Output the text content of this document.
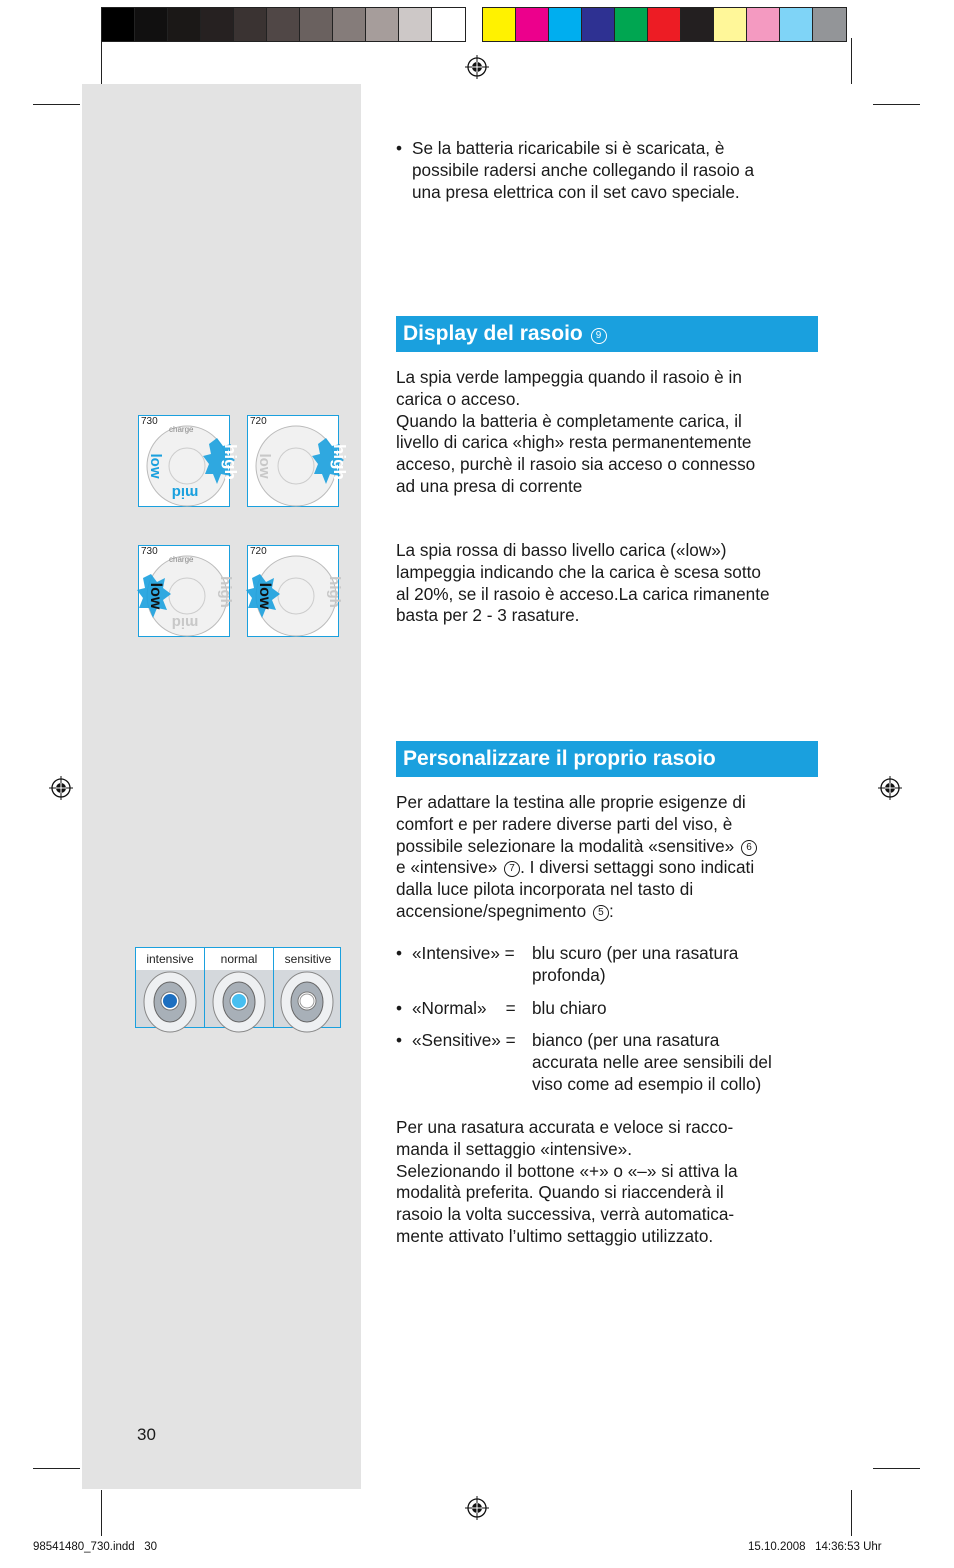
• Se la batteria ricaricabile si è scaricata, è
possibile radersi anche collegando il rasoio a
una presa elettrica con il set cavo speciale.
Display del rasoio 9
La spia verde lampeggia quando il rasoio è in
carica o acceso.
Quando la batteria è completamente carica, il
livello di carica «high» resta permanentemente
acceso, purchè il rasoio sia acceso o connesso
ad una presa di corrente
La spia rossa di basso livello carica («low»)
lampeggia indicando che la carica è scesa sotto
al 20%, se il rasoio è acceso.La carica rimanente
basta per 2 - 3 rasature.
high
low
mid
730
charge
high
low
720
low	high
mid
730
charge
low	high
720
Personalizzare il proprio rasoio
Per adattare la testina alle proprie esigenze di
comfort e per radere diverse parti del viso, è
possibile selezionare la modalità «sensitive» 6
e «intensive» 7 . I diversi settaggi sono indicati
dalla luce pilota incorporata nel tasto di
accensione/spegnimento 5 :
• «Intensive» = blu scuro (per una rasatura
profonda)
• «Normal»    = blu chiaro
• «Sensitive» = bianco (per una rasatura
accurata nelle aree sensibili del
viso come ad esempio il collo)
Per una rasatura accurata e veloce si racco-
manda il settaggio «intensive».
Selezionando il bottone «+» o «–» si attiva la
modalità preferita. Quando si riaccenderà il
rasoio la volta successiva, verrà automatica-
mente attivato l’ultimo settaggio utilizzato.
intensive	normal	sensitive
30
98541480_730.indd   30	15.10.2008   14:36:53 Uhr
